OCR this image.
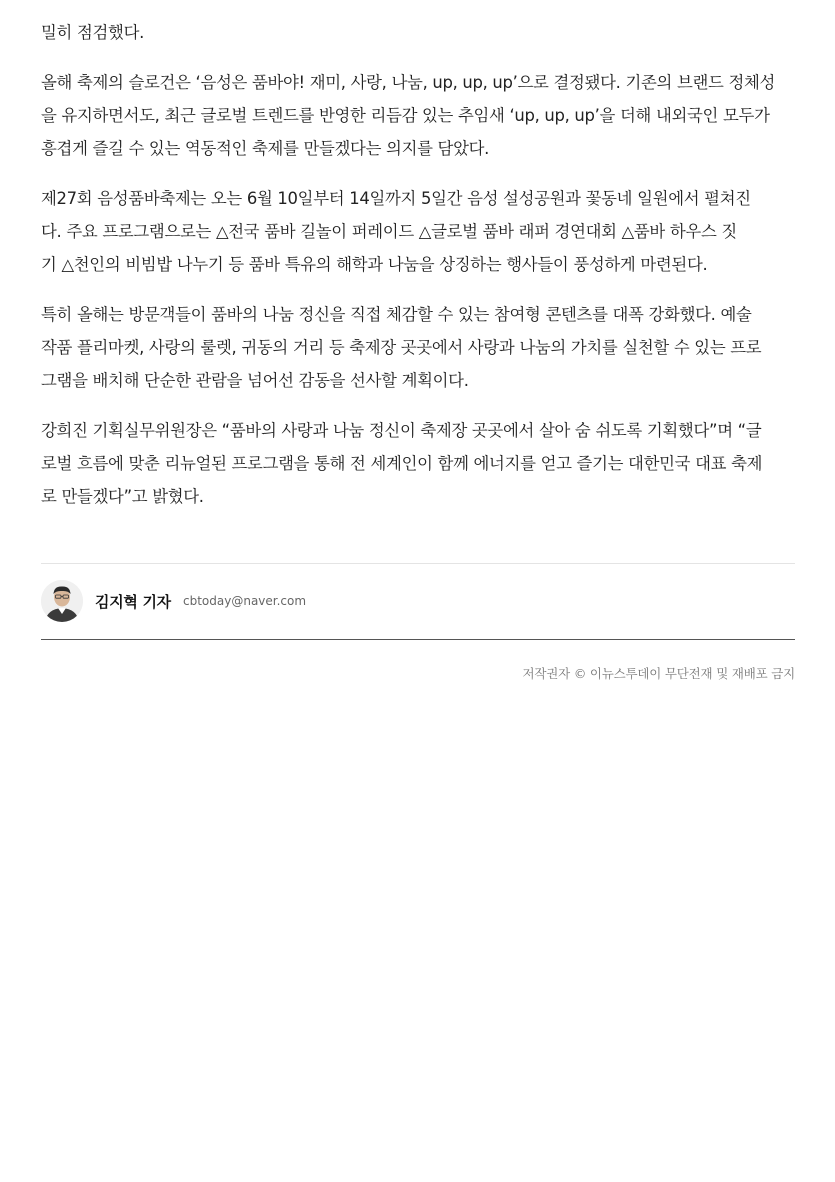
밀히 점검했다.

올해 축제의 슬로건은 ‘음성은 품바야! 재미, 사랑, 나눔, up, up, up’으로 결정됐다. 기존의 브랜드 정체성
을 유지하면서도, 최근 글로벌 트렌드를 반영한 리듬감 있는 추임새 ‘up, up, up’을 더해 내외국인 모두가
흥겹게 즐길 수 있는 역동적인 축제를 만들겠다는 의지를 담았다.

제27회 음성품바축제는 오는 6월 10일부터 14일까지 5일간 음성 설성공원과 꽃동네 일원에서 펼쳐진
다. 주요 프로그램으로는 △전국 품바 길놀이 퍼레이드 △글로벌 품바 래퍼 경연대회 △품바 하우스 짓
기 △천인의 비빔밥 나누기 등 품바 특유의 해학과 나눔을 상징하는 행사들이 풍성하게 마련된다.

특히 올해는 방문객들이 품바의 나눔 정신을 직접 체감할 수 있는 참여형 콘텐츠를 대폭 강화했다. 예술
작품 플리마켓, 사랑의 룰렛, 귀동의 거리 등 축제장 곳곳에서 사랑과 나눔의 가치를 실천할 수 있는 프로
그램을 배치해 단순한 관람을 넘어선 감동을 선사할 계획이다.

강희진 기획실무위원장은 “품바의 사랑과 나눔 정신이 축제장 곳곳에서 살아 숨 쉬도록 기획했다”며 “글
로벌 흐름에 맞춘 리뉴얼된 프로그램을 통해 전 세계인이 함께 에너지를 얻고 즐기는 대한민국 대표 축제
로 만들겠다”고 밝혔다.

김지혁 기자 cbtoday@naver.com
저작권자 © 이뉴스투데이 무단전재 및 재배포 금지
